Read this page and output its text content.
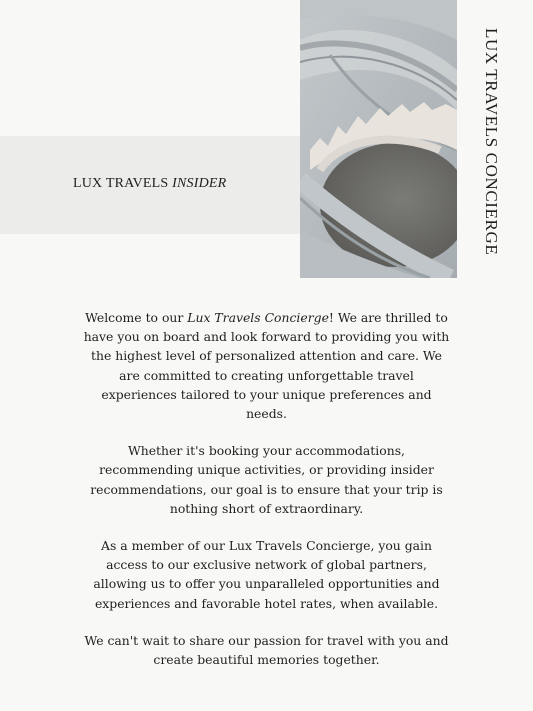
LUX TRAVELS INSIDER	LUX TRAVELS CONCIERGE

Welcome to our Lux Travels Concierge! We are thrilled to have you on board and look forward to providing you with the highest level of personalized attention and care. We are committed to creating unforgettable travel experiences tailored to your unique preferences and needs.

Whether it's booking your accommodations, recommending unique activities, or providing insider recommendations, our goal is to ensure that your trip is nothing short of extraordinary.

As a member of our Lux Travels Concierge, you gain access to our exclusive network of global partners, allowing us to offer you unparalleled opportunities and experiences and favorable hotel rates, when available.

We can't wait to share our passion for travel with you and create beautiful memories together.
